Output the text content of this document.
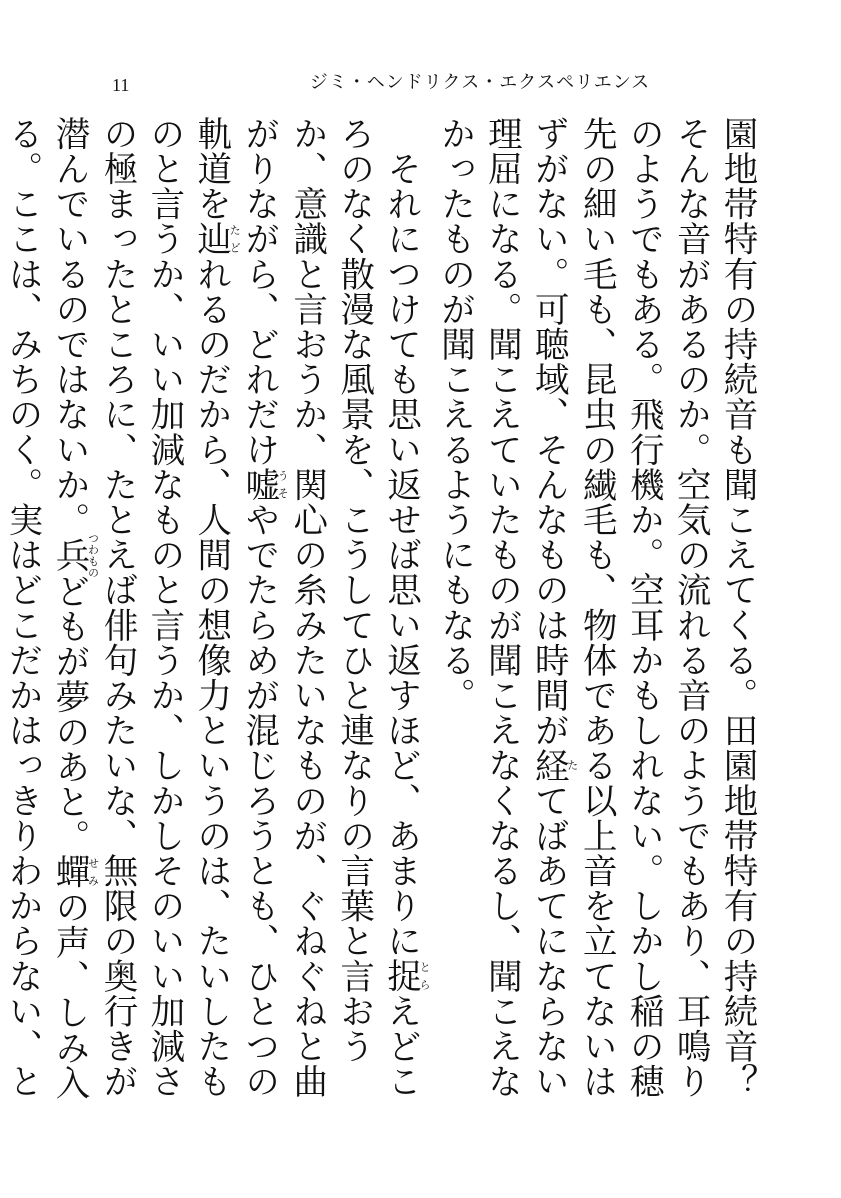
11	ジミ・ヘンドリクス・エクスペリエンス

園地帯特有の持続音も聞こえてくる。田園地帯特有の持続音？　そんな音があるのか。空気の流れる音のようでもあり、耳鳴りのようでもある。飛行機か。空耳かもしれない。しかし稲の穂先の細い毛も、昆虫の繊毛も、物体である以上音を立てないはずがない。可聴域、そんなものは時間が経たてばあてにならない理屈になる。聞こえていたものが聞こえなくなるし、聞こえなかったものが聞こえるようにもなる。

それにつけても思い返せば思い返すほど、あまりに捉とらえどころのなく散漫な風景を、こうしてひと連なりの言葉と言おうか、意識と言おうか、関心の糸みたいなものが、ぐねぐねと曲がりながら、どれだけ嘘うそやでたらめが混じろうとも、ひとつの軌道を辿たどれるのだから、人間の想像力というのは、たいしたものと言うか、いい加減なものと言うか、しかしそのいい加減さの極まったところに、たとえば俳句みたいな、無限の奥行きが潜んでいるのではないか。兵つわものどもが夢のあと。蟬せみの声、しみ入る。ここは、みちのく。実はどこだかはっきりわからない、と
